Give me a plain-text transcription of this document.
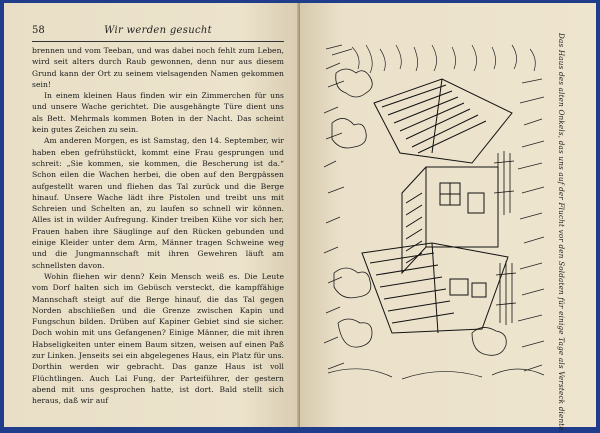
58	Wir werden gesucht

brennen und vom Teeban, und was dabei noch fehlt zum Leben, wird seit alters durch Raub gewonnen, denn nur aus diesem Grund kann der Ort zu seinem vielsagenden Namen gekommen sein!

In einem kleinen Haus finden wir ein Zimmerchen für uns und unsere Wache gerichtet. Die ausgehängte Türe dient uns als Bett. Mehrmals kommen Boten in der Nacht. Das scheint kein gutes Zeichen zu sein.

Am anderen Morgen, es ist Samstag, den 14. September, wir haben eben gefrühstückt, kommt eine Frau gesprungen und schreit: „Sie kommen, sie kommen, die Bescherung ist da.“ Schon eilen die Wachen herbei, die oben auf den Bergpässen aufgestellt waren und fliehen das Tal zurück und die Berge hinauf. Unsere Wache lädt ihre Pistolen und treibt uns mit Schreien und Schelten an, zu laufen so schnell wir können. Alles ist in wilder Aufregung. Kinder treiben Kühe vor sich her, Frauen haben ihre Säuglinge auf den Rücken gebunden und einige Kleider unter dem Arm, Männer tragen Schweine weg und die Jungmannschaft mit ihren Gewehren läuft am schnellsten davon.

Wohin fliehen wir denn? Kein Mensch weiß es. Die Leute vom Dorf halten sich im Gebüsch versteckt, die kampffähige Mannschaft steigt auf die Berge hinauf, die das Tal gegen Norden abschließen und die Grenze zwischen Kapin und Fungschun bilden. Drüben auf Kapiner Gebiet sind sie sicher. Doch wohin mit uns Gefangenen? Einige Männer, die mit ihren Habseligkeiten unter einem Baum sitzen, weisen auf einen Paß zur Linken. Jenseits sei ein abgelegenes Haus, ein Platz für uns. Dorthin werden wir gebracht. Das ganze Haus ist voll Flüchtlingen. Auch Lai Fung, der Parteiführer, der gestern abend mit uns gesprochen hatte, ist dort. Bald stellt sich heraus, daß wir auf	Das Haus des alten Onkels, das uns auf der Flucht vor den Soldaten für einige Tage als Versteck diente.
